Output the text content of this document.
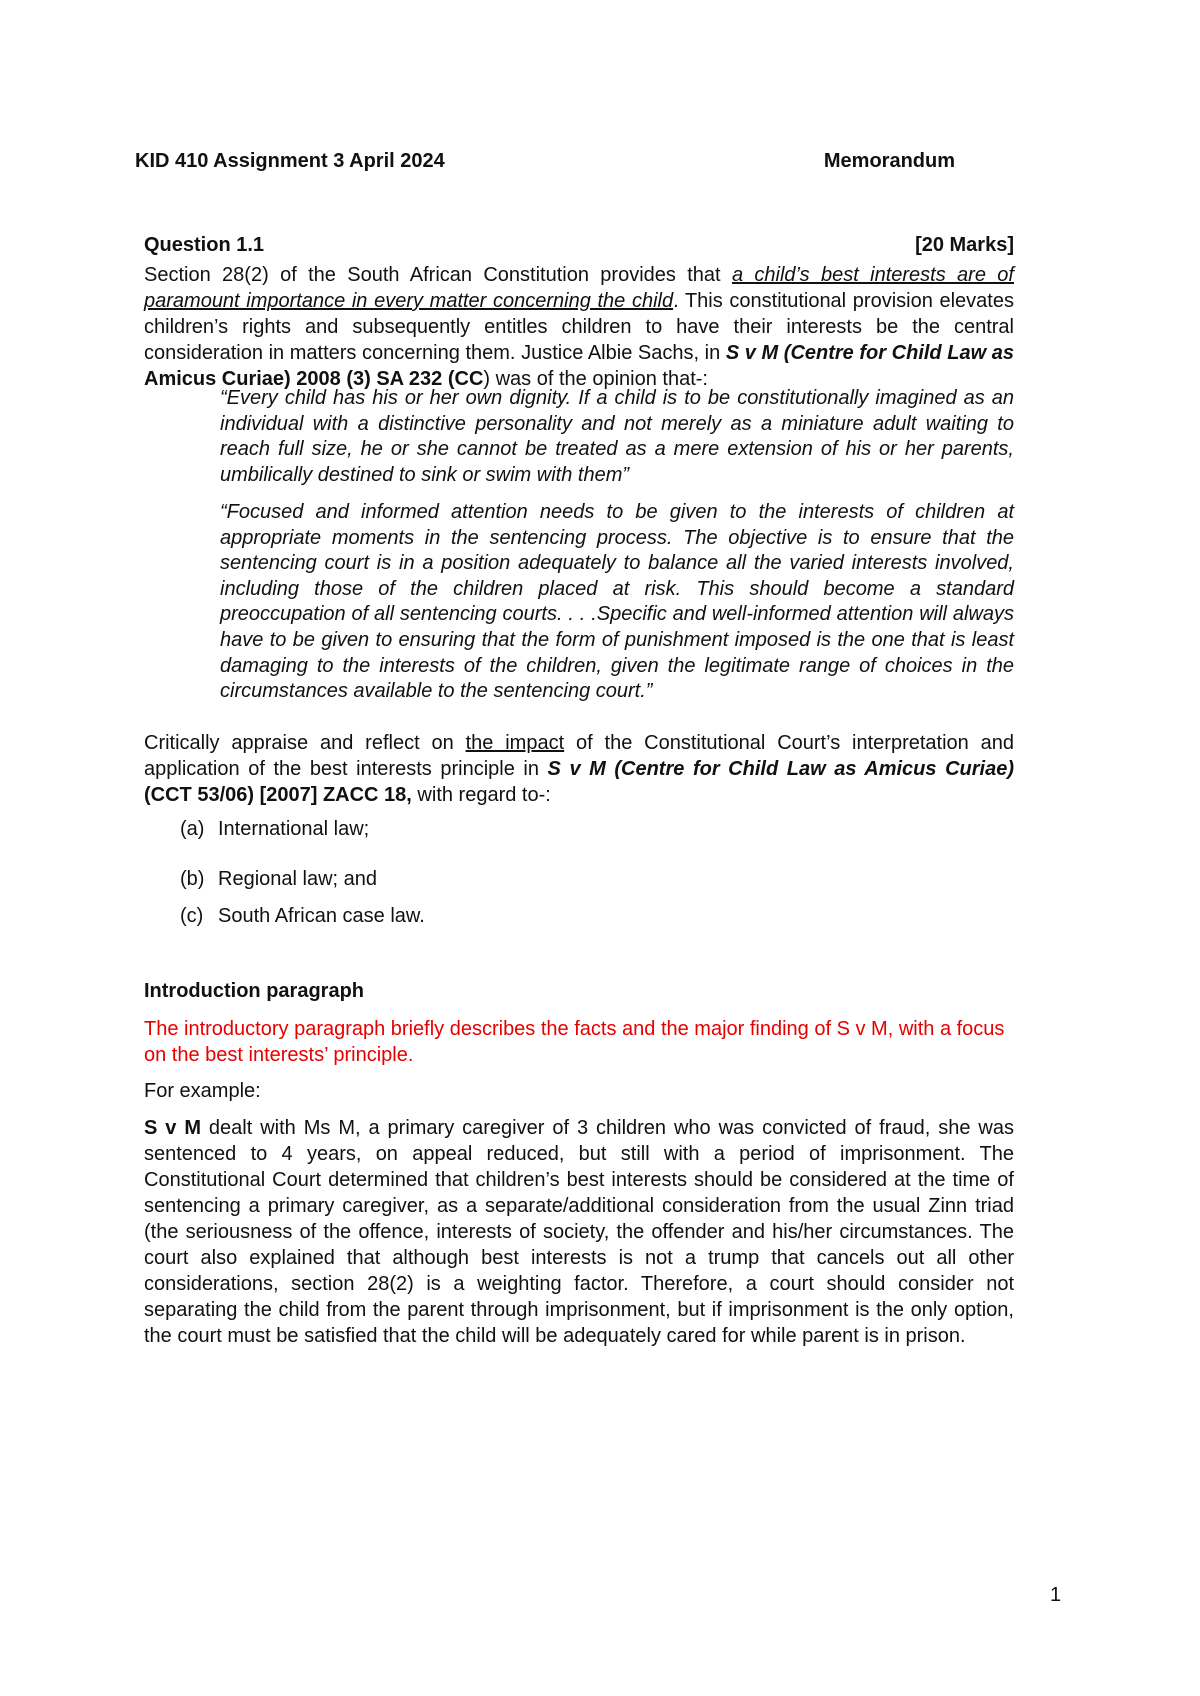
KID 410 Assignment 3 April 2024	Memorandum
Question 1.1	[20 Marks]

Section 28(2) of the South African Constitution provides that a child’s best interests are of paramount importance in every matter concerning the child. This constitutional provision elevates children’s rights and subsequently entitles children to have their interests be the central consideration in matters concerning them. Justice Albie Sachs, in S v M (Centre for Child Law as Amicus Curiae) 2008 (3) SA 232 (CC) was of the opinion that-:

“Every child has his or her own dignity. If a child is to be constitutionally imagined as an individual with a distinctive personality and not merely as a miniature adult waiting to reach full size, he or she cannot be treated as a mere extension of his or her parents, umbilically destined to sink or swim with them”

“Focused and informed attention needs to be given to the interests of children at appropriate moments in the sentencing process. The objective is to ensure that the sentencing court is in a position adequately to balance all the varied interests involved, including those of the children placed at risk. This should become a standard preoccupation of all sentencing courts. . . .Specific and well-informed attention will always have to be given to ensuring that the form of punishment imposed is the one that is least damaging to the interests of the children, given the legitimate range of choices in the circumstances available to the sentencing court.”

Critically appraise and reflect on the impact of the Constitutional Court’s interpretation and application of the best interests principle in S v M (Centre for Child Law as Amicus Curiae) (CCT 53/06) [2007] ZACC 18, with regard to-:

(a) International law;
(b) Regional law; and
(c) South African case law.
Introduction paragraph

The introductory paragraph briefly describes the facts and the major finding of S v M, with a focus on the best interests’ principle.

For example:

S v M dealt with Ms M, a primary caregiver of 3 children who was convicted of fraud, she was sentenced to 4 years, on appeal reduced, but still with a period of imprisonment. The Constitutional Court determined that children’s best interests should be considered at the time of sentencing a primary caregiver, as a separate/additional consideration from the usual Zinn triad (the seriousness of the offence, interests of society, the offender and his/her circumstances. The court also explained that although best interests is not a trump that cancels out all other considerations, section 28(2) is a weighting factor. Therefore, a court should consider not separating the child from the parent through imprisonment, but if imprisonment is the only option, the court must be satisfied that the child will be adequately cared for while parent is in prison.

1
